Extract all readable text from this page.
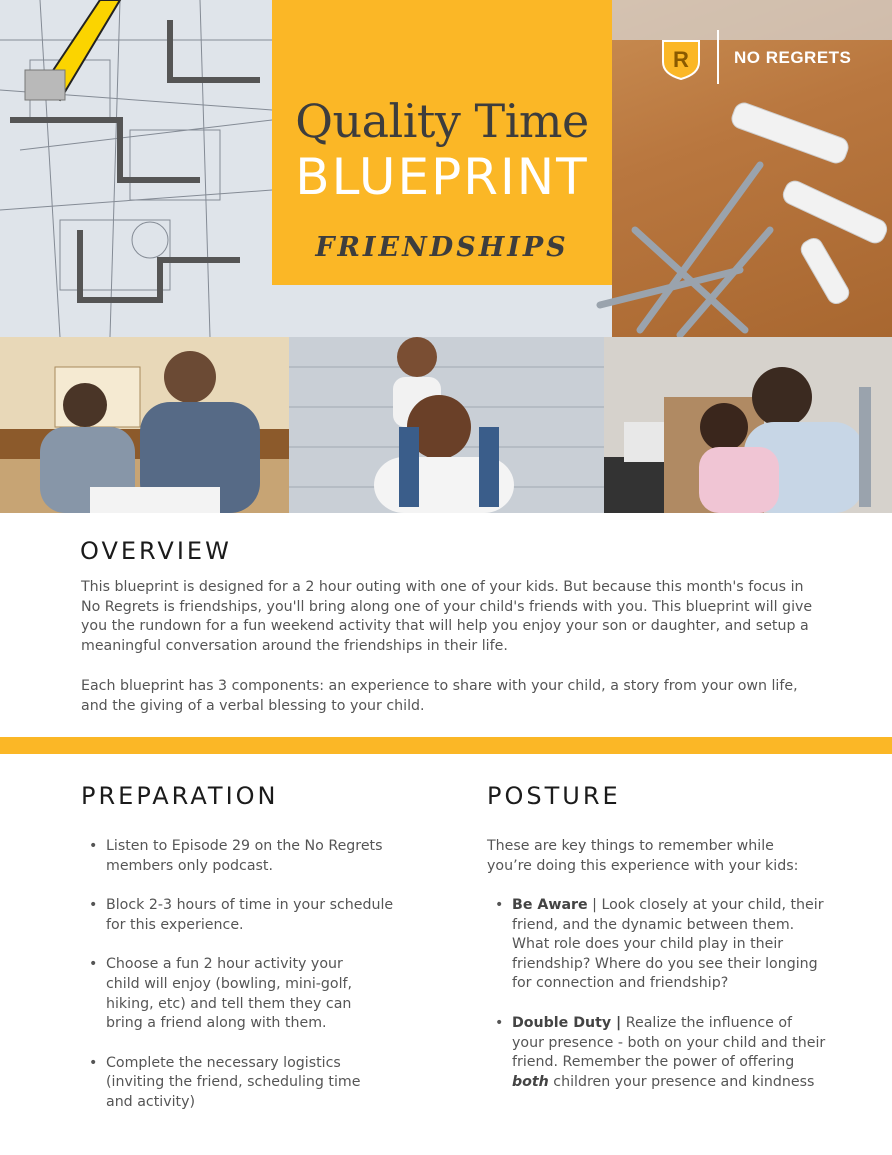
Quality Time
BLUEPRINT
FRIENDSHIPS
R	NO REGRETS
OVERVIEW

This blueprint is designed for a 2 hour outing with one of your kids. But because this month's focus in No Regrets is friendships, you'll bring along one of your child's friends with you. This blueprint will give you the rundown for a fun weekend activity that will help you enjoy your son or daughter, and setup a meaningful conversation around the friendships in their life.

Each blueprint has 3 components: an experience to share with your child, a story from your own life, and the giving of a verbal blessing to your child.

PREPARATION
• Listen to Episode 29 on the No Regrets members only podcast.
• Block 2-3 hours of time in your schedule for this experience.
• Choose a fun 2 hour activity your child will enjoy (bowling, mini-golf, hiking, etc) and tell them they can bring a friend along with them.
• Complete the necessary logistics (inviting the friend, scheduling time and activity)
POSTURE

These are key things to remember while you’re doing this experience with your kids:

• Be Aware | Look closely at your child, their friend, and the dynamic between them. What role does your child play in their friendship? Where do you see their longing for connection and friendship?
• Double Duty | Realize the influence of your presence - both on your child and their friend. Remember the power of offering both children your presence and kindness
